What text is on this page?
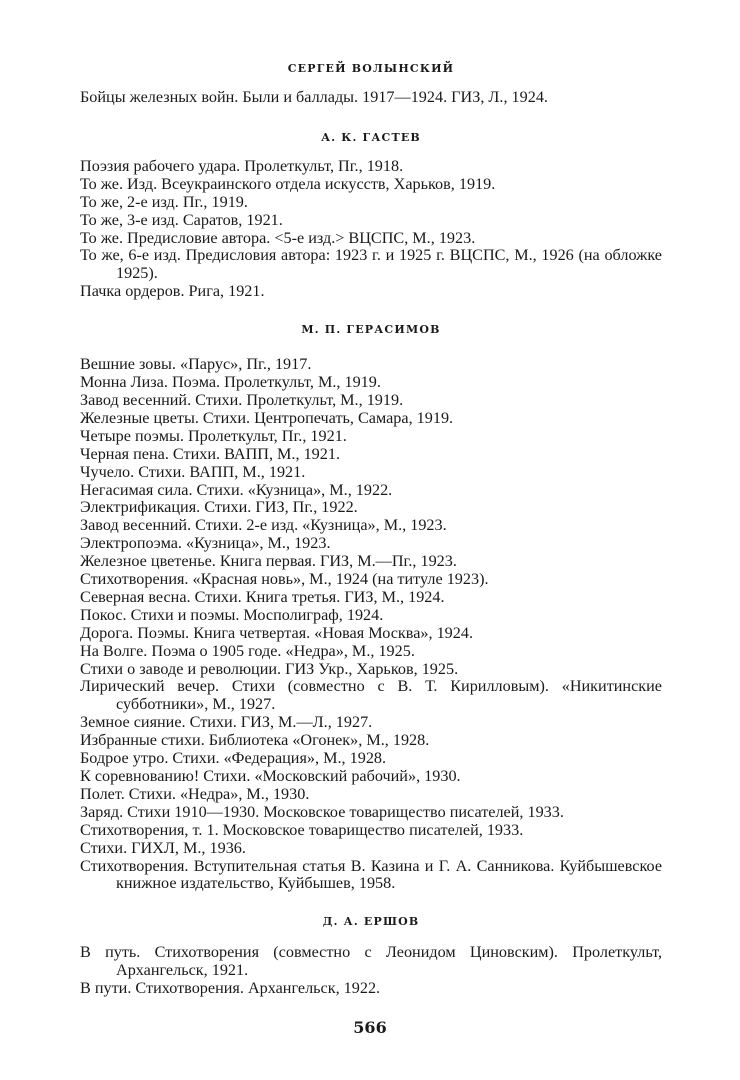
СЕРГЕЙ ВОЛЫНСКИЙ

Бойцы железных войн. Были и баллады. 1917—1924. ГИЗ, Л., 1924.

А. К. ГАСТЕВ

Поэзия рабочего удара. Пролеткульт, Пг., 1918.

То же. Изд. Всеукраинского отдела искусств, Харьков, 1919.

То же, 2-е изд. Пг., 1919.

То же, 3-е изд. Саратов, 1921.

То же. Предисловие автора. <5-е изд.> ВЦСПС, М., 1923.

То же, 6-е изд. Предисловия автора: 1923 г. и 1925 г. ВЦСПС, М., 1926 (на обложке 1925).

Пачка ордеров. Рига, 1921.

М. П. ГЕРАСИМОВ

Вешние зовы. «Парус», Пг., 1917.

Монна Лиза. Поэма. Пролеткульт, М., 1919.

Завод весенний. Стихи. Пролеткульт, М., 1919.

Железные цветы. Стихи. Центропечать, Самара, 1919.

Четыре поэмы. Пролеткульт, Пг., 1921.

Черная пена. Стихи. ВАПП, М., 1921.

Чучело. Стихи. ВАПП, М., 1921.

Негасимая сила. Стихи. «Кузница», М., 1922.

Электрификация. Стихи. ГИЗ, Пг., 1922.

Завод весенний. Стихи. 2-е изд. «Кузница», М., 1923.

Электропоэма. «Кузница», М., 1923.

Железное цветенье. Книга первая. ГИЗ, М.—Пг., 1923.

Стихотворения. «Красная новь», М., 1924 (на титуле 1923).

Северная весна. Стихи. Книга третья. ГИЗ, М., 1924.

Покос. Стихи и поэмы. Мосполиграф, 1924.

Дорога. Поэмы. Книга четвертая. «Новая Москва», 1924.

На Волге. Поэма о 1905 годе. «Недра», М., 1925.

Стихи о заводе и революции. ГИЗ Укр., Харьков, 1925.

Лирический вечер. Стихи (совместно с В. Т. Кирилловым). «Никитинские субботники», М., 1927.

Земное сияние. Стихи. ГИЗ, М.—Л., 1927.

Избранные стихи. Библиотека «Огонек», М., 1928.

Бодрое утро. Стихи. «Федерация», М., 1928.

К соревнованию! Стихи. «Московский рабочий», 1930.

Полет. Стихи. «Недра», М., 1930.

Заряд. Стихи 1910—1930. Московское товарищество писателей, 1933.

Стихотворения, т. 1. Московское товарищество писателей, 1933.

Стихи. ГИХЛ, М., 1936.

Стихотворения. Вступительная статья В. Казина и Г. А. Санникова. Куйбышевское книжное издательство, Куйбышев, 1958.

Д. А. ЕРШОВ

В путь. Стихотворения (совместно с Леонидом Циновским). Пролеткульт, Архангельск, 1921.

В пути. Стихотворения. Архангельск, 1922.

566
